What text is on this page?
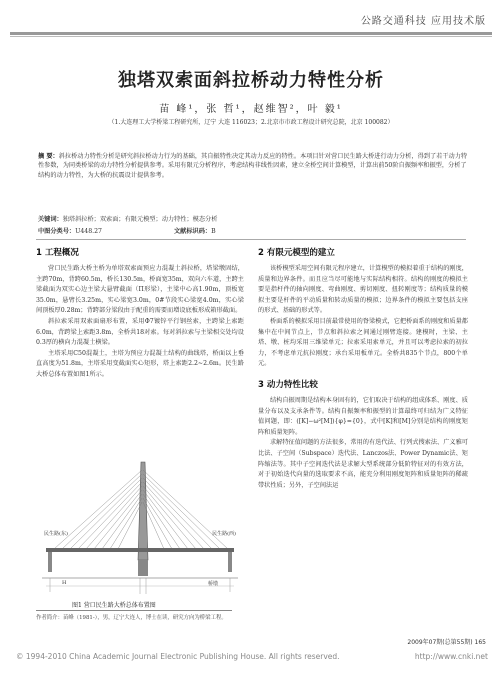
公路交通科技 应用技术版
独塔双索面斜拉桥动力特性分析
苗 峰¹，张 哲¹，赵维智²，叶 毅¹
（1.大连理工大学桥梁工程研究所，辽宁 大连 116023；2.北京市市政工程设计研究总院，北京 100082）
摘 要：斜拉桥动力特性分析是研究斜拉桥动力行为的基础，其自振特性决定其动力反应的特性。本项目针对营口民生路大桥进行动力分析，得到了若干动力特性参数，为同类桥梁的动力特性分析提供参考。采用有限元分析程序，考虑结构非线性因素，建立全桥空间计算模型，计算出前50阶自振频率和振型，分析了结构的动力特性，为大桥的抗震设计提供参考。
关键词：独塔斜拉桥；双索面；有限元模型；动力特性；模态分析
中图分类号：U448.27	文献标识码：B
1 工程概况

营口民生路大桥主桥为单塔双索面预应力混凝土斜拉桥，塔梁墩固结，主跨70m，背跨60.5m，桥长130.5m，桥面宽35m，双向六车道，主跨主梁截面为双实心边主梁大悬臂截面（Π形梁），主梁中心高1.90m，顶板宽35.0m，悬臂长3.25m，实心梁宽3.0m，0#节段实心梁宽4.0m，实心梁间顶板厚0.28m；背跨部分梁段由于配重的需要而增设底板形成箱形截面。

斜拉索采用双索面扇形布置，采用Φ7镀锌平行钢丝索，主跨梁上索距6.0m，背跨梁上索距3.8m，全桥共18对索。每对斜拉索与主梁相交处均设0.3厚的横向力混凝土横梁。

主塔采用C50混凝土，主塔为预应力混凝土结构的曲线塔，桥面以上垂直高度为51.8m，主塔采用变截面实心矩形，塔上索距2.2~2.6m。民生路大桥总体布置如图1所示。

民生路(东)	民生路(西)
H	桥墩
图1 营口民生路大桥总体布置图
作者简介：苗峰（1981-），男，辽宁大连人，博士在读，研究方向为桥梁工程。
2 有限元模型的建立

该桥模型采用空间有限元程序建立，计算模型的模拟着重于结构的刚度，质量和边界条件。而且应当尽可能地与实际结构相符。结构的刚度的模拟主要是指杆件的轴向刚度、弯曲刚度、剪切刚度、扭转刚度等；结构质量的模拟主要是杆件的平动质量和转动质量的模拟；边界条件的模拟主要包括支座的形式、基础的形式等。

桥面系的模拟采用目前最常使用的脊梁模式，它把桥面系的刚度和质量都集中在中间节点上，节点和斜拉索之间通过刚臂连接。建模时，主梁、主塔、墩、桩均采用三维梁单元；拉索采用索单元，并且可以考虑拉索的初拉力，不考虑单元抗拉刚度；承台采用板单元。全桥共835个节点，800个单元。

3 动力特性比较

结构自振周期是结构本身固有的，它们取决于结构的组成体系、刚度、质量分布以及支承条件等。结构自振频率和振型的计算最终可归结为广义特征值问题，即：([K]−ω²[M]){φ}={0}，式中[K]和[M]分别是结构的刚度矩阵和质量矩阵。

求解特征值问题的方法很多，常用的有迭代法、行列式搜索法、广义雅可比法、子空间（Subspace）迭代法、Lanczos法、Power Dynamic法、矩阵缩法等。其中子空间迭代法是求解大型系统部分低阶特征对的有效方法，对于初始迭代向量的选取要求不高，能充分利用刚度矩阵和质量矩阵的稀疏带状性质；另外，子空间法运

2009年07期(总第55期) 165
© 1994-2010 China Academic Journal Electronic Publishing House. All rights reserved.	http://www.cnki.net
